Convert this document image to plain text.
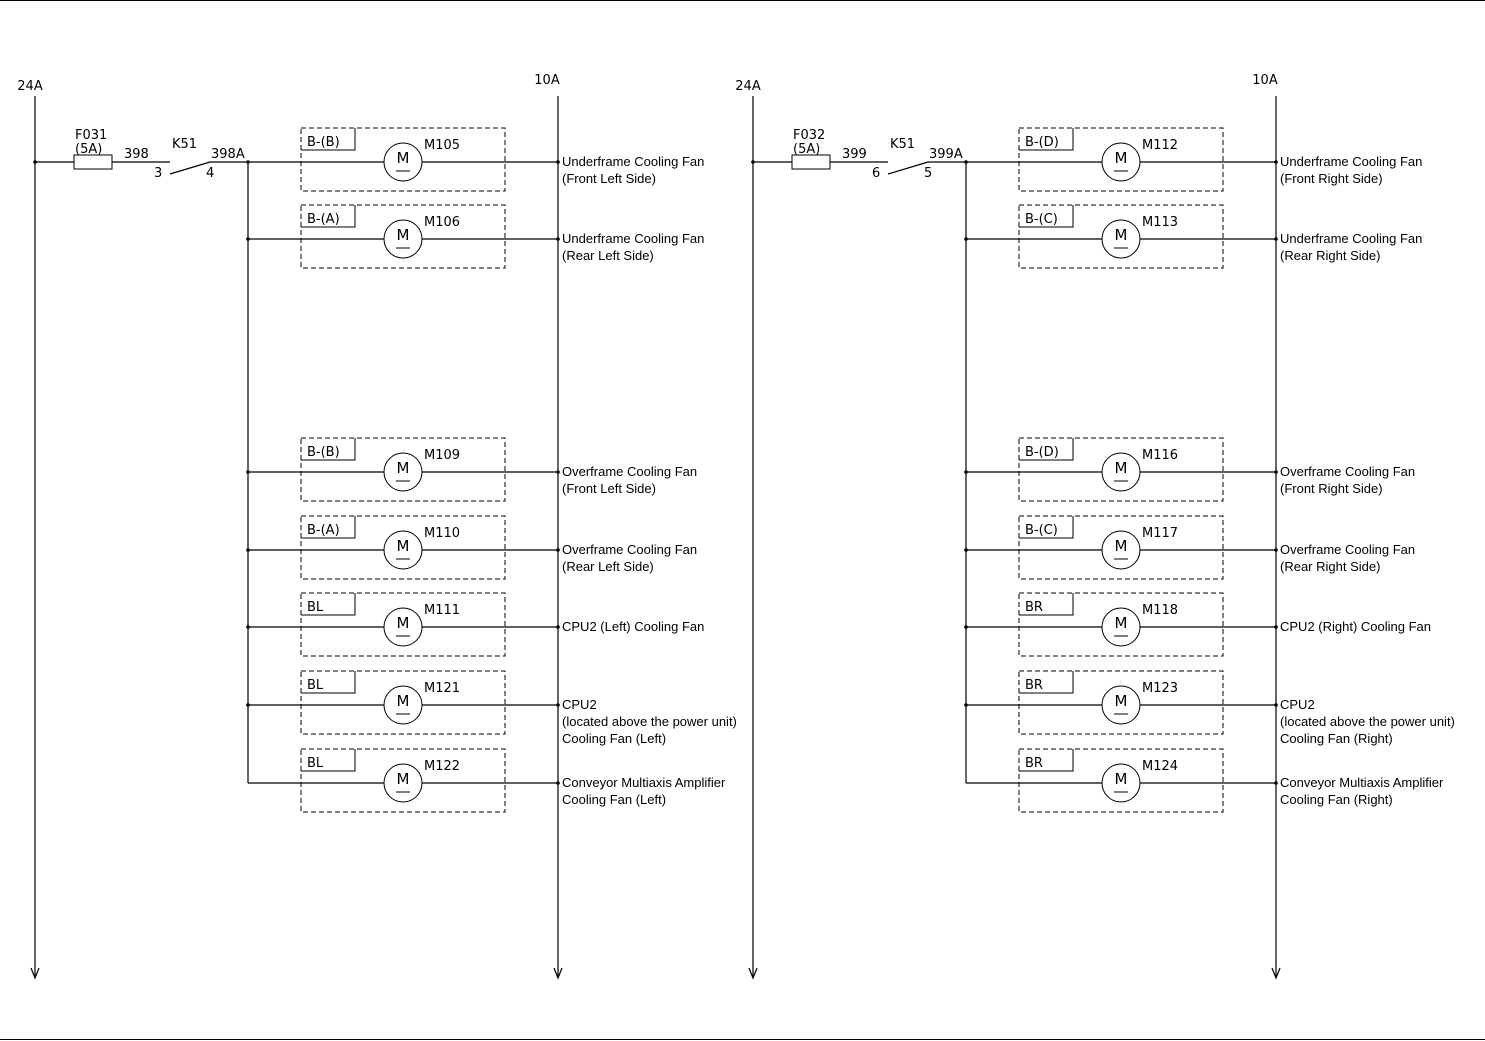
24A	10A
F031
(5A) 398
K51
3	4
398A
B-(B)
M
M105
Underframe Cooling Fan
(Front Left Side)
B-(A)
M
M106
Underframe Cooling Fan
(Rear Left Side)
B-(B)
M
M109
Overframe Cooling Fan
(Front Left Side)
B-(A)
M
M110
Overframe Cooling Fan
(Rear Left Side)
BL
M
M111
CPU2 (Left) Cooling Fan
BL
M
M121
CPU2
(located above the power unit)
Cooling Fan (Left)
BL
M
M122
Conveyor Multiaxis Amplifier
Cooling Fan (Left)
24A	10A
F032
(5A) 399
K51
6	5
399A
B-(D)
M
M112
Underframe Cooling Fan
(Front Right Side)
B-(C)
M
M113
Underframe Cooling Fan
(Rear Right Side)
B-(D)
M
M116
Overframe Cooling Fan
(Front Right Side)
B-(C)
M
M117
Overframe Cooling Fan
(Rear Right Side)
BR
M
M118
CPU2 (Right) Cooling Fan
BR
M
M123
CPU2
(located above the power unit)
Cooling Fan (Right)
BR
M
M124
Conveyor Multiaxis Amplifier
Cooling Fan (Right)
